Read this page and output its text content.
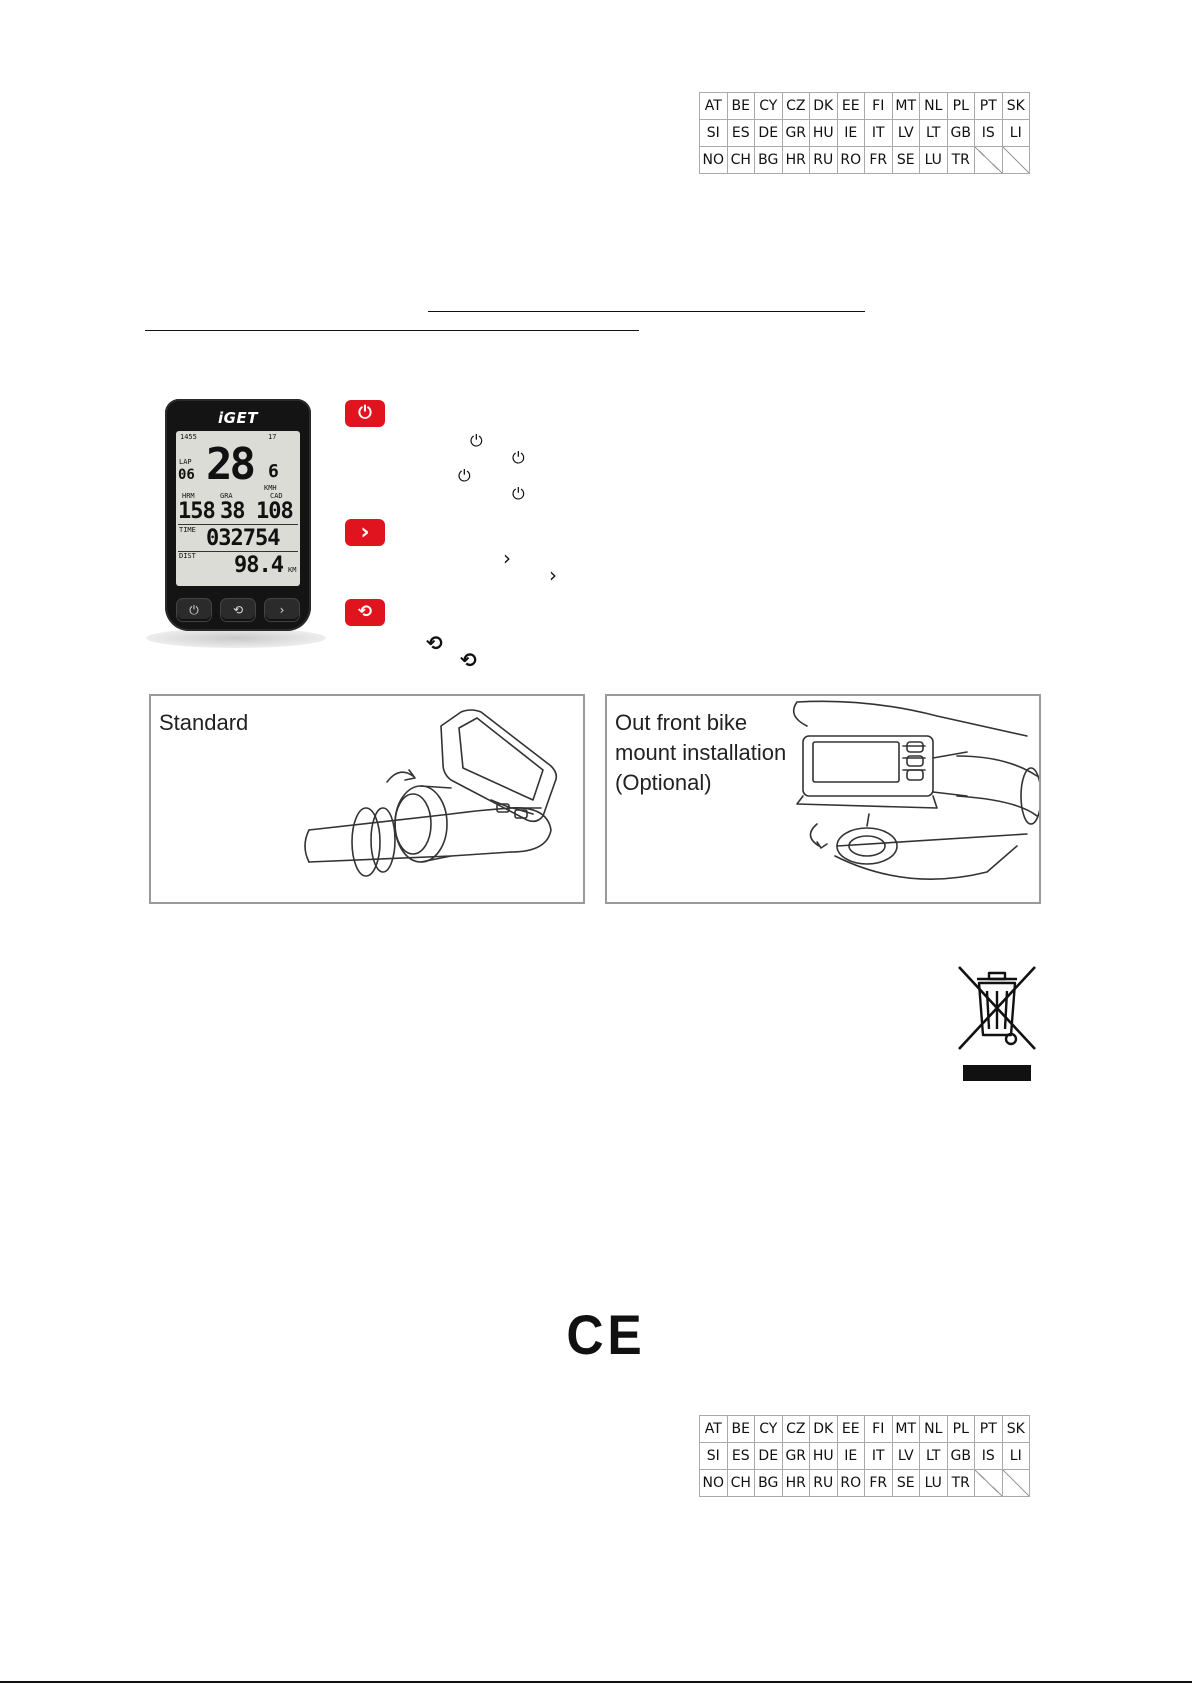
AT	BE	CY	CZ	DK	EE	FI	MT	NL	PL	PT	SK
SI	ES	DE	GR	HU	IE	IT	LV	LT	GB	IS	LI
NO	CH	BG	HR	RU	RO	FR	SE	LU	TR		
iGET
1455	17
LAP
06 28 6
KMH
HRM	GRA	CAD
158 38 108
TIME 032754
DIST	98.4 KM
⏻	⟲	›
⏻
›
⟲
⏻
⏻
⏻
⏻
›
›
⟲
⟲
Standard	Out front bike
mount installation
(Optional)
CE
AT	BE	CY	CZ	DK	EE	FI	MT	NL	PL	PT	SK
SI	ES	DE	GR	HU	IE	IT	LV	LT	GB	IS	LI
NO	CH	BG	HR	RU	RO	FR	SE	LU	TR		
